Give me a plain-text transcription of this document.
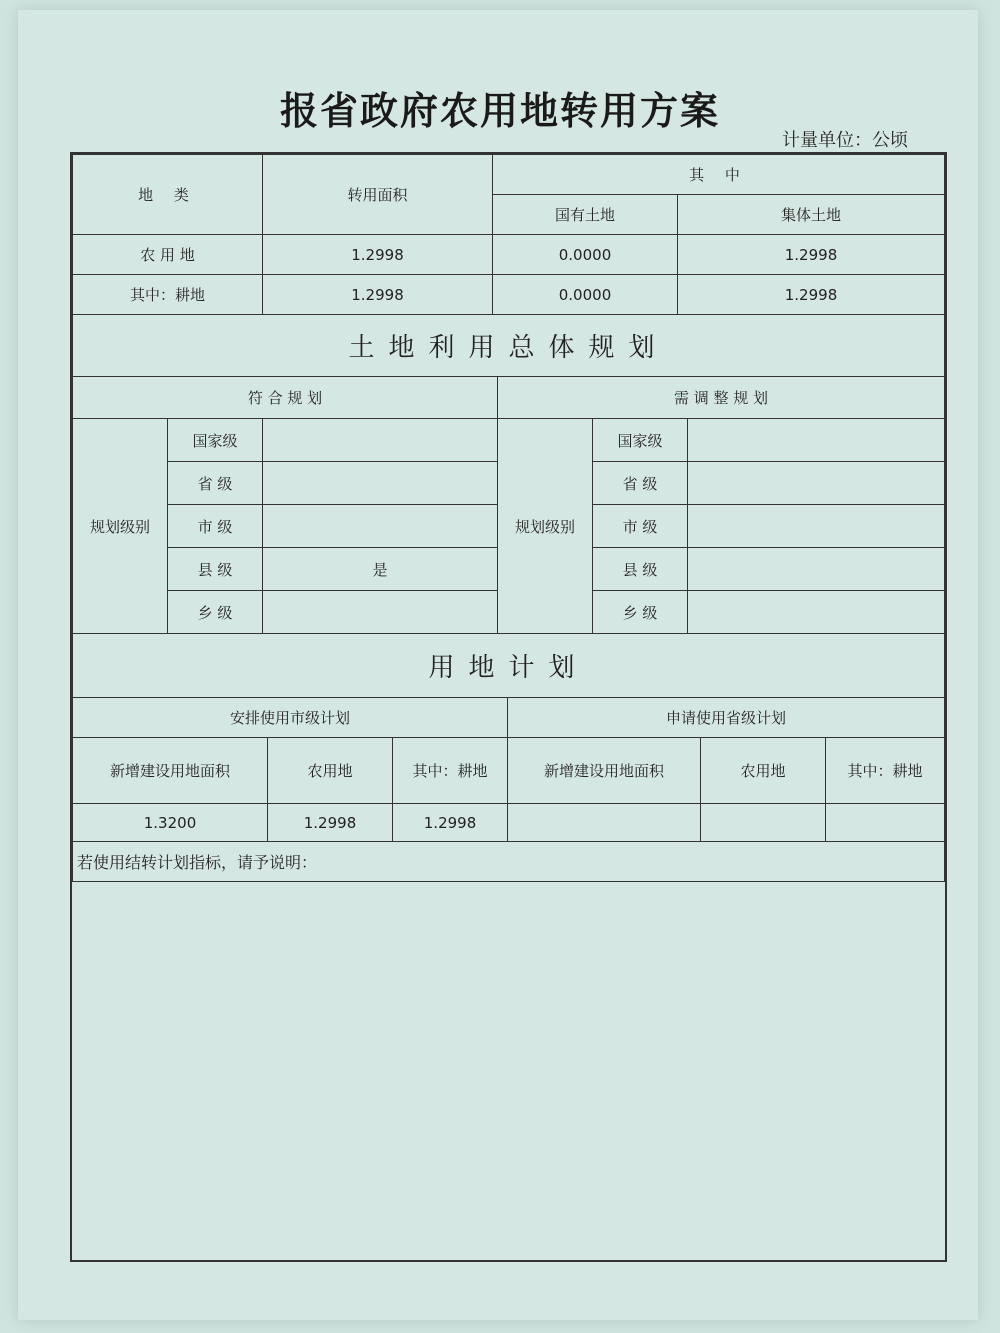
报省政府农用地转用方案
计量单位：公顷
地 类	转用面积	其 中	
		国有土地	集体土地
农 用 地	1.2998	0.0000	1.2998
其中：耕地	1.2998	0.0000	1.2998
土地利用总体规划			
符 合 规 划			需 调 整 规 划		
规划级别	国家级		规划级别	国家级	
	省 级			省 级	
	市 级			市 级	
	县 级	是		县 级	
	乡 级			乡 级	
用地计划					
安排使用市级计划			申请使用省级计划		
新增建设用地面积	农用地	其中：耕地	新增建设用地面积	农用地	其中：耕地
1.3200	1.2998	1.2998			
若使用结转计划指标，请予说明：					
